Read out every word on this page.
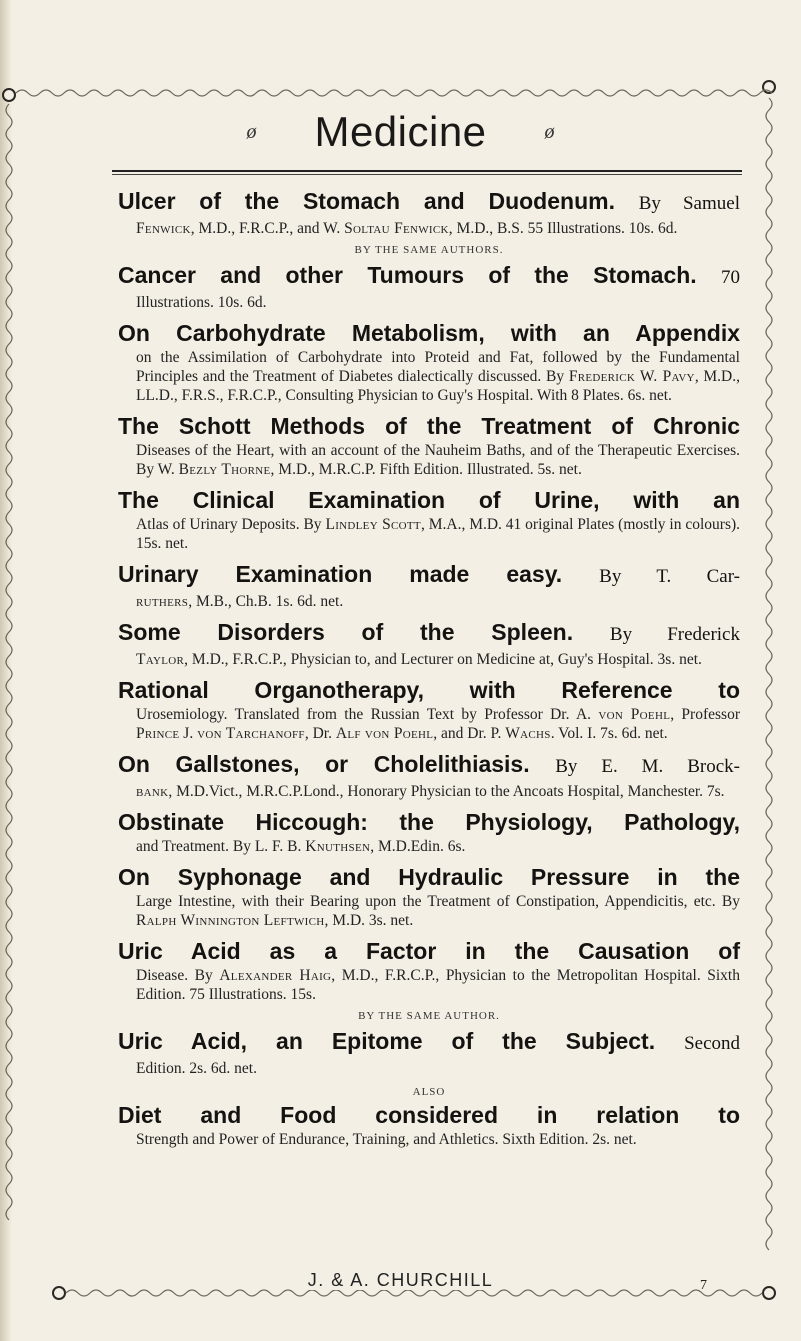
ø Medicine	ø
Ulcer of the Stomach and Duodenum. By Samuel
Fenwick, M.D., F.R.C.P., and W. Soltau Fenwick, M.D., B.S. 55 Illustrations. 10s. 6d.
BY THE SAME AUTHORS.
Cancer and other Tumours of the Stomach. 70
Illustrations. 10s. 6d.
On Carbohydrate Metabolism, with an Appendix
on the Assimilation of Carbohydrate into Proteid and Fat, followed by the Fundamental Principles and the Treatment of Diabetes dialectically discussed. By Frederick W. Pavy, M.D., LL.D., F.R.S., F.R.C.P., Consulting Physician to Guy's Hospital. With 8 Plates. 6s. net.
The Schott Methods of the Treatment of Chronic
Diseases of the Heart, with an account of the Nauheim Baths, and of the Therapeutic Exercises. By W. Bezly Thorne, M.D., M.R.C.P. Fifth Edition. Illustrated. 5s. net.
The Clinical Examination of Urine, with an
Atlas of Urinary Deposits. By Lindley Scott, M.A., M.D. 41 original Plates (mostly in colours). 15s. net.
Urinary Examination made easy. By T. Car-
ruthers, M.B., Ch.B. 1s. 6d. net.
Some Disorders of the Spleen. By Frederick
Taylor, M.D., F.R.C.P., Physician to, and Lecturer on Medicine at, Guy's Hospital. 3s. net.
Rational Organotherapy, with Reference to
Urosemiology. Translated from the Russian Text by Professor Dr. A. von Poehl, Professor Prince J. von Tarchanoff, Dr. Alf von Poehl, and Dr. P. Wachs. Vol. I. 7s. 6d. net.
On Gallstones, or Cholelithiasis. By E. M. Brock-
bank, M.D.Vict., M.R.C.P.Lond., Honorary Physician to the Ancoats Hospital, Manchester. 7s.
Obstinate Hiccough: the Physiology, Pathology,
and Treatment. By L. F. B. Knuthsen, M.D.Edin. 6s.
On Syphonage and Hydraulic Pressure in the
Large Intestine, with their Bearing upon the Treatment of Constipation, Appendicitis, etc. By Ralph Winnington Leftwich, M.D. 3s. net.
Uric Acid as a Factor in the Causation of
Disease. By Alexander Haig, M.D., F.R.C.P., Physician to the Metropolitan Hospital. Sixth Edition. 75 Illustrations. 15s.
BY THE SAME AUTHOR.
Uric Acid, an Epitome of the Subject. Second
Edition. 2s. 6d. net.
ALSO
Diet and Food considered in relation to
Strength and Power of Endurance, Training, and Athletics. Sixth Edition. 2s. net.
J. & A. CHURCHILL	7
